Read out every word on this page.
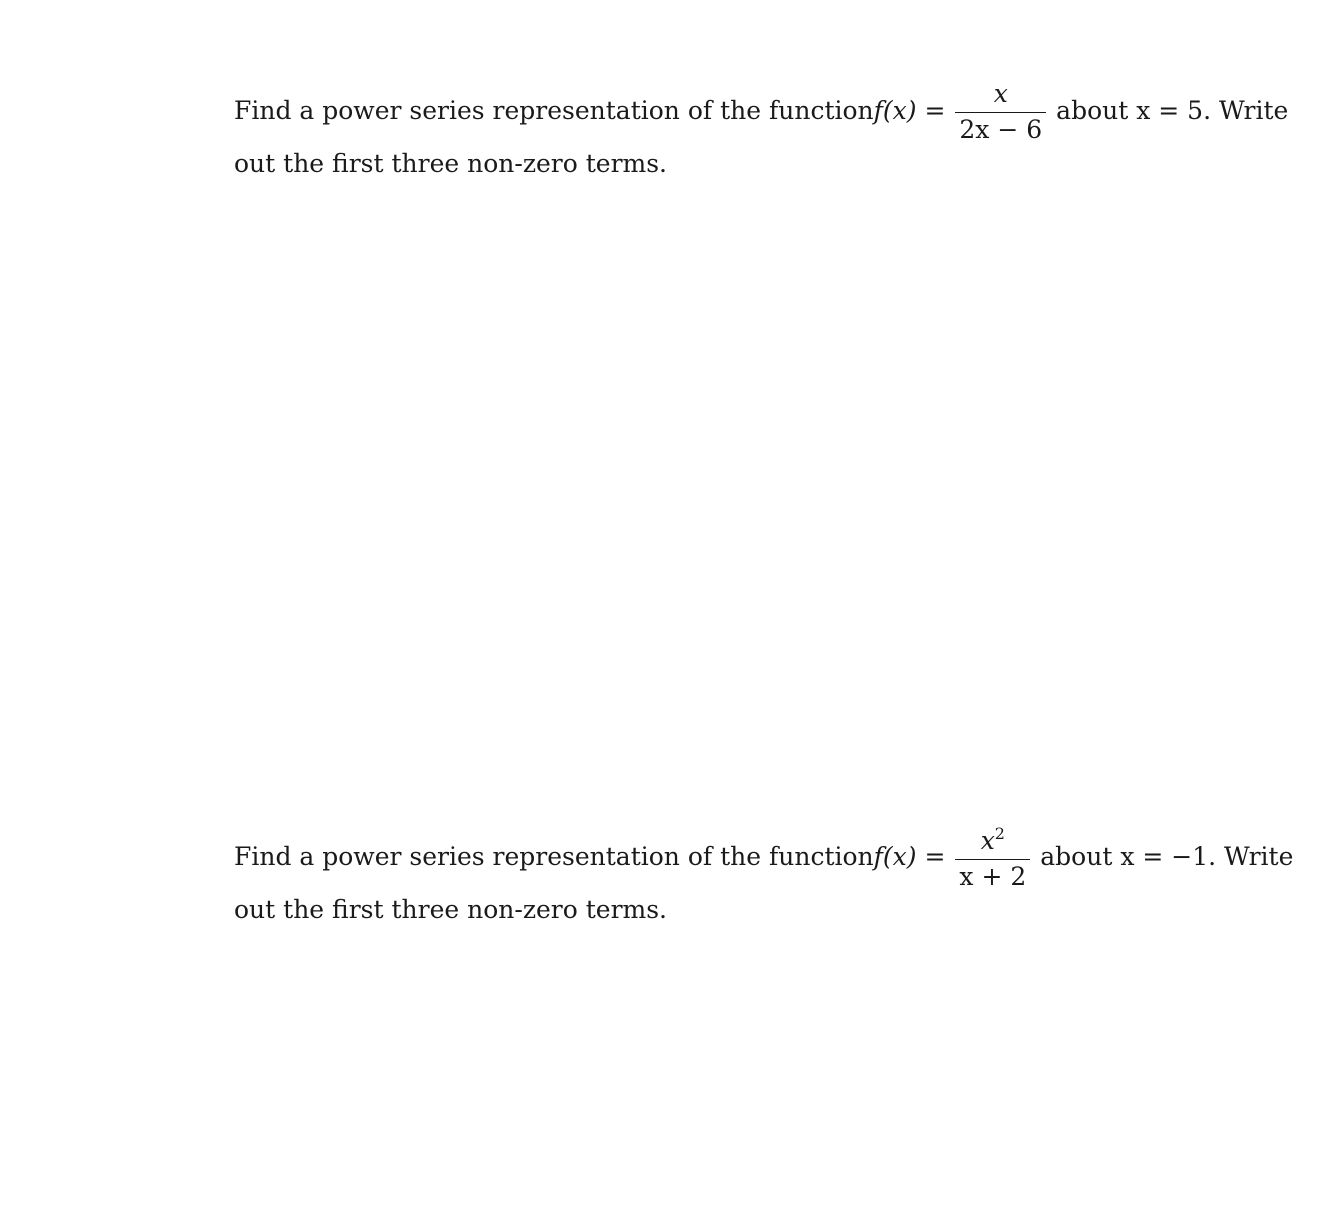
Find a power series representation of the function $f(x) = \frac{x}{2x - 6}$ about x = 5. Write
out the first three non-zero terms.
Find a power series representation of the function $f(x) = \frac{x^2}{x + 2}$ about x = −1. Write
out the first three non-zero terms.
